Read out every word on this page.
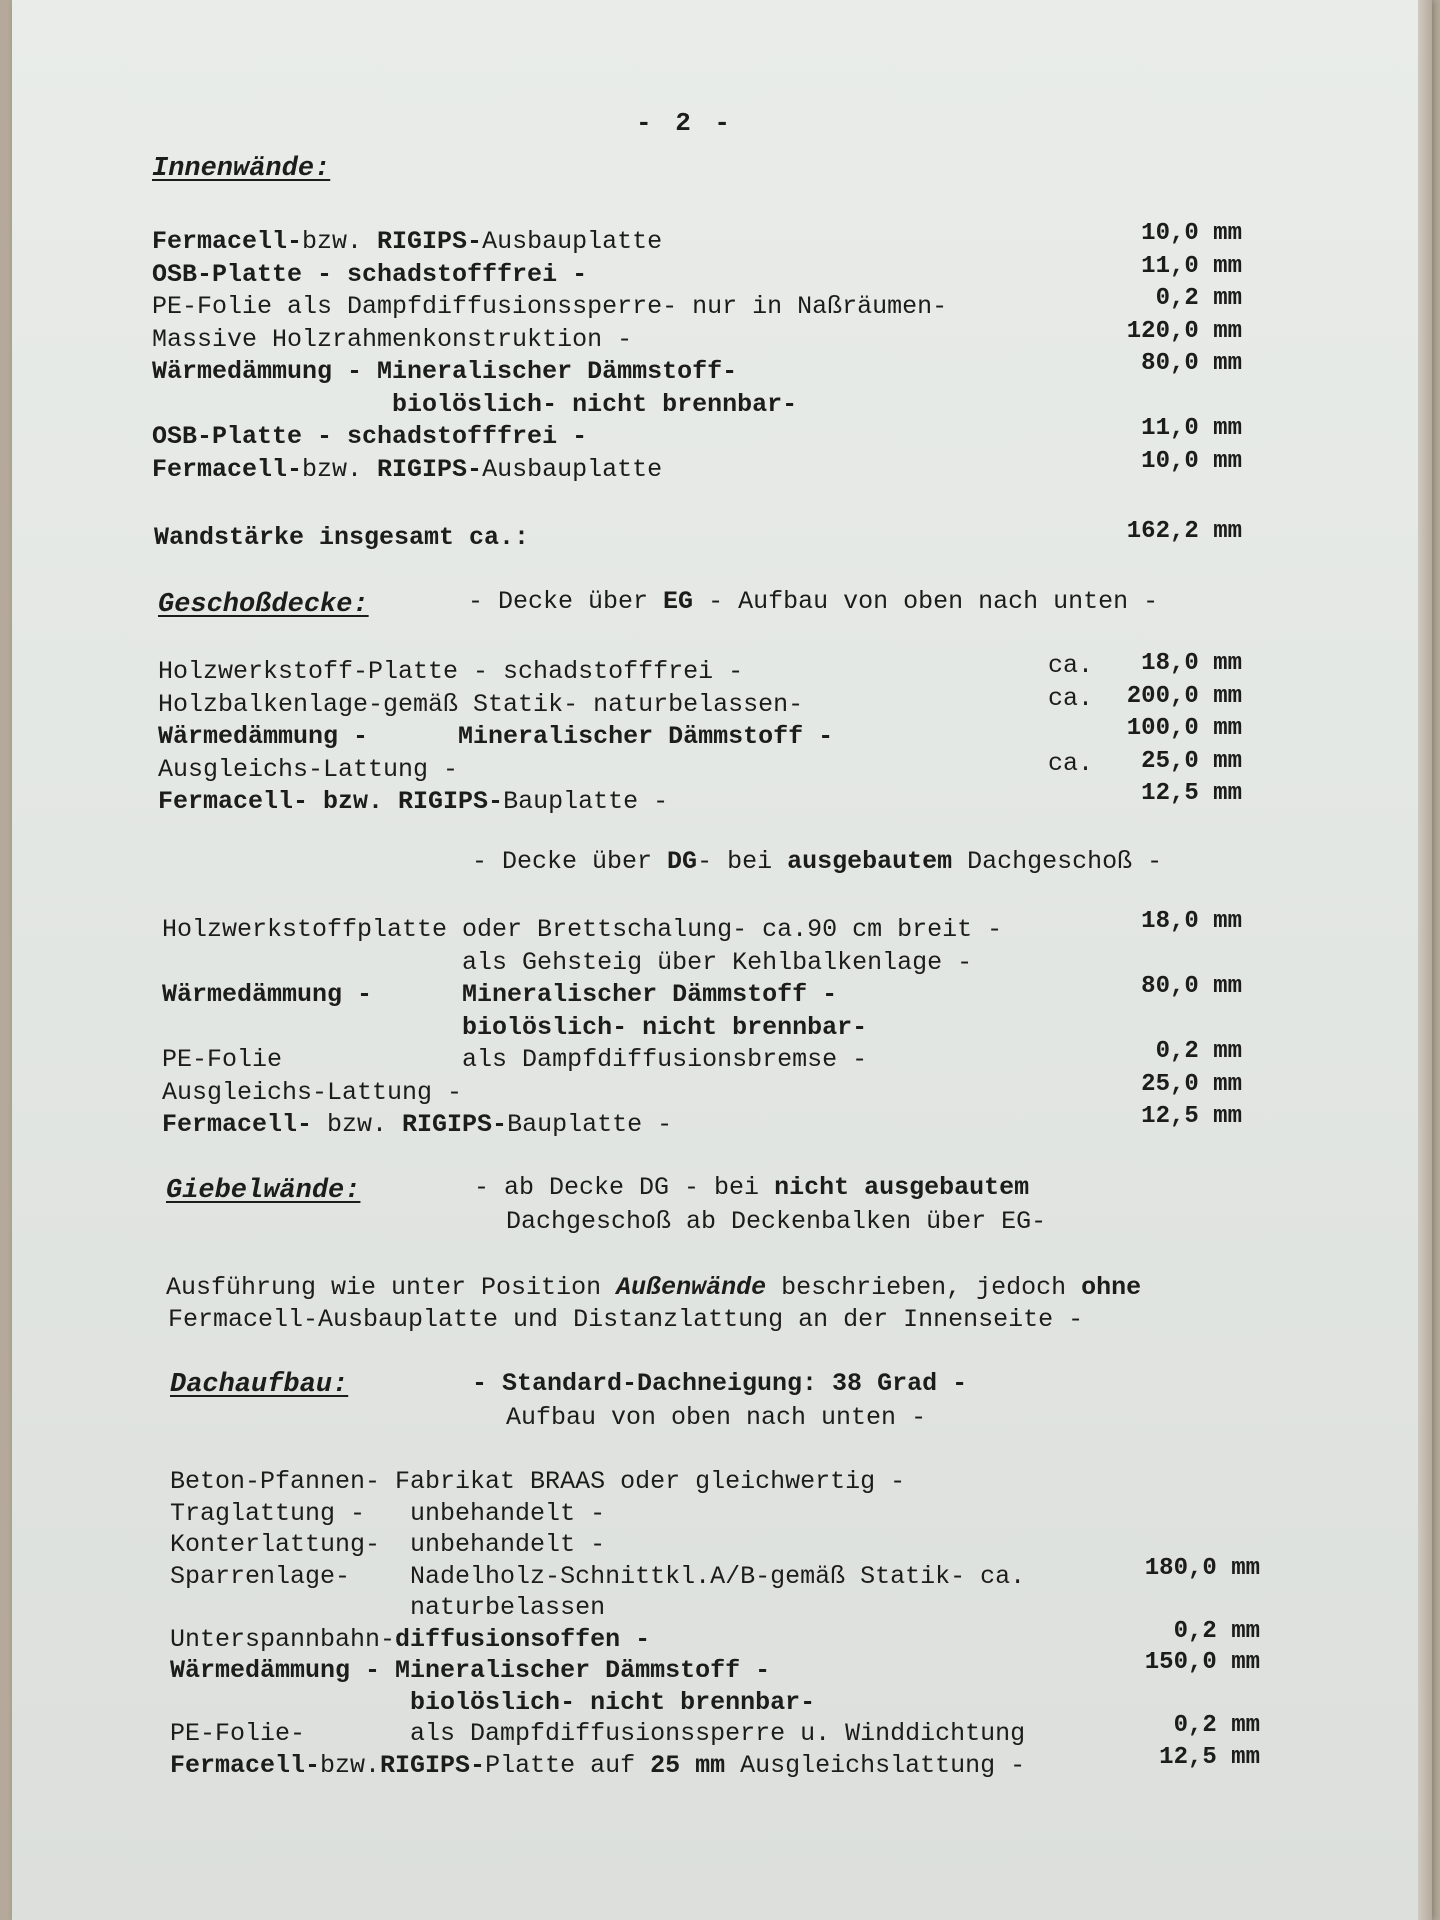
- 2 -
Innenwände:
Fermacell-bzw. RIGIPS-Ausbauplatte	10,0 mm
OSB-Platte - schadstofffrei -	11,0 mm
PE-Folie als Dampfdiffusionssperre- nur in Naßräumen-	0,2 mm
Massive Holzrahmenkonstruktion -	120,0 mm
Wärmedämmung - Mineralischer Dämmstoff-	80,0 mm
biolöslich- nicht brennbar-
OSB-Platte - schadstofffrei -	11,0 mm
Fermacell-bzw. RIGIPS-Ausbauplatte	10,0 mm
Wandstärke insgesamt ca.:	162,2 mm
Geschoßdecke:	- Decke über EG - Aufbau von oben nach unten -
Holzwerkstoff-Platte - schadstofffrei -	ca. 18,0 mm
Holzbalkenlage-gemäß Statik- naturbelassen-	ca. 200,0 mm
Wärmedämmung -      Mineralischer Dämmstoff -	100,0 mm
Ausgleichs-Lattung -	ca. 25,0 mm
Fermacell- bzw. RIGIPS-Bauplatte -	12,5 mm
- Decke über DG- bei ausgebautem Dachgeschoß -
Holzwerkstoffplatte oder Brettschalung- ca.90 cm breit -	18,0 mm
als Gehsteig über Kehlbalkenlage -
Wärmedämmung -      Mineralischer Dämmstoff -	80,0 mm
biolöslich- nicht brennbar-
PE-Folie            als Dampfdiffusionsbremse -	0,2 mm
Ausgleichs-Lattung -	25,0 mm
Fermacell- bzw. RIGIPS-Bauplatte -	12,5 mm
Giebelwände:	- ab Decke DG - bei nicht ausgebautem
Dachgeschoß ab Deckenbalken über EG-
Ausführung wie unter Position Außenwände beschrieben, jedoch ohne
Fermacell-Ausbauplatte und Distanzlattung an der Innenseite -
Dachaufbau:	- Standard-Dachneigung: 38 Grad -
Aufbau von oben nach unten -
Beton-Pfannen- Fabrikat BRAAS oder gleichwertig -
Traglattung -   unbehandelt -
Konterlattung-  unbehandelt -
Sparrenlage-    Nadelholz-Schnittkl.A/B-gemäß Statik- ca.	180,0 mm
naturbelassen
Unterspannbahn-diffusionsoffen -	0,2 mm
Wärmedämmung - Mineralischer Dämmstoff -	150,0 mm
biolöslich- nicht brennbar-
PE-Folie-       als Dampfdiffusionssperre u. Winddichtung	0,2 mm
Fermacell-bzw.RIGIPS-Platte auf 25 mm Ausgleichslattung -	12,5 mm
